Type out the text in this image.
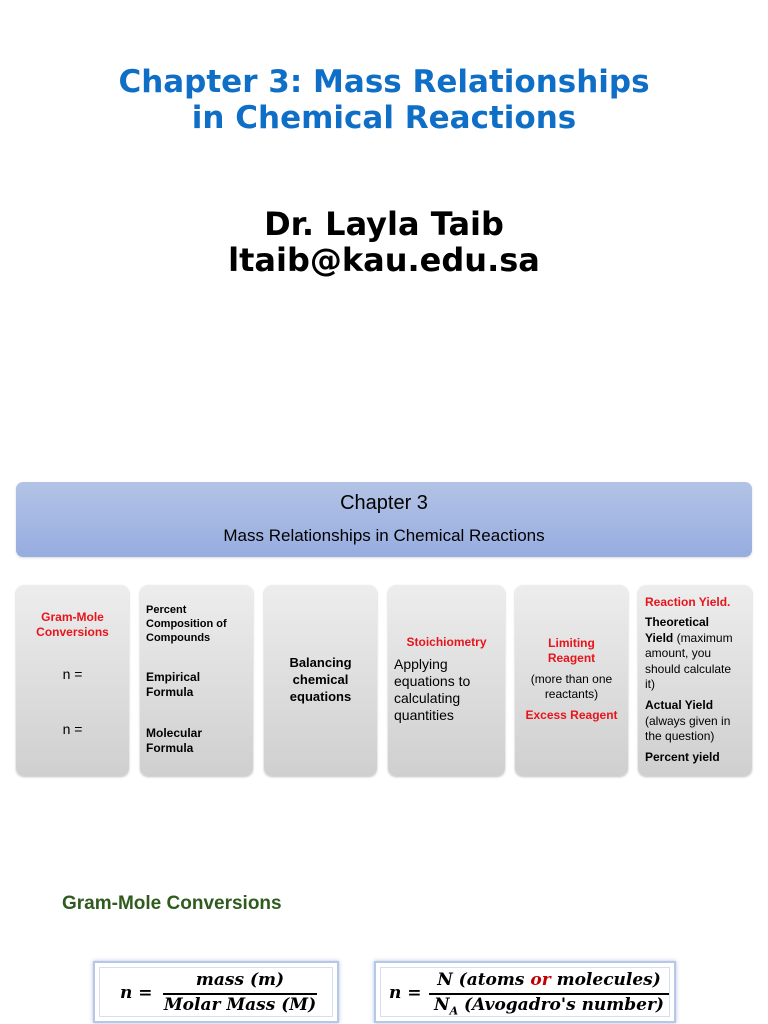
Chapter 3: Mass Relationships
in Chemical Reactions
Dr. Layla Taib
ltaib@kau.edu.sa
Chapter 3
Mass Relationships in Chemical Reactions
Gram-Mole
Conversions
n =
n =
Percent
Composition of
Compounds
Empirical
Formula
Molecular
Formula
Balancing
chemical
equations
Stoichiometry
Applying
equations to
calculating
quantities
Limiting
Reagent
(more than one
reactants)
Excess Reagent
Reaction Yield.
Theoretical
Yield (maximum
amount, you
should calculate
it)
Actual Yield
(always given in
the question)
Percent yield
Gram-Mole Conversions
n =
mass (m)
Molar Mass (M)
n =
N (atoms or molecules)
$N_A$ (Avogadro's number)
